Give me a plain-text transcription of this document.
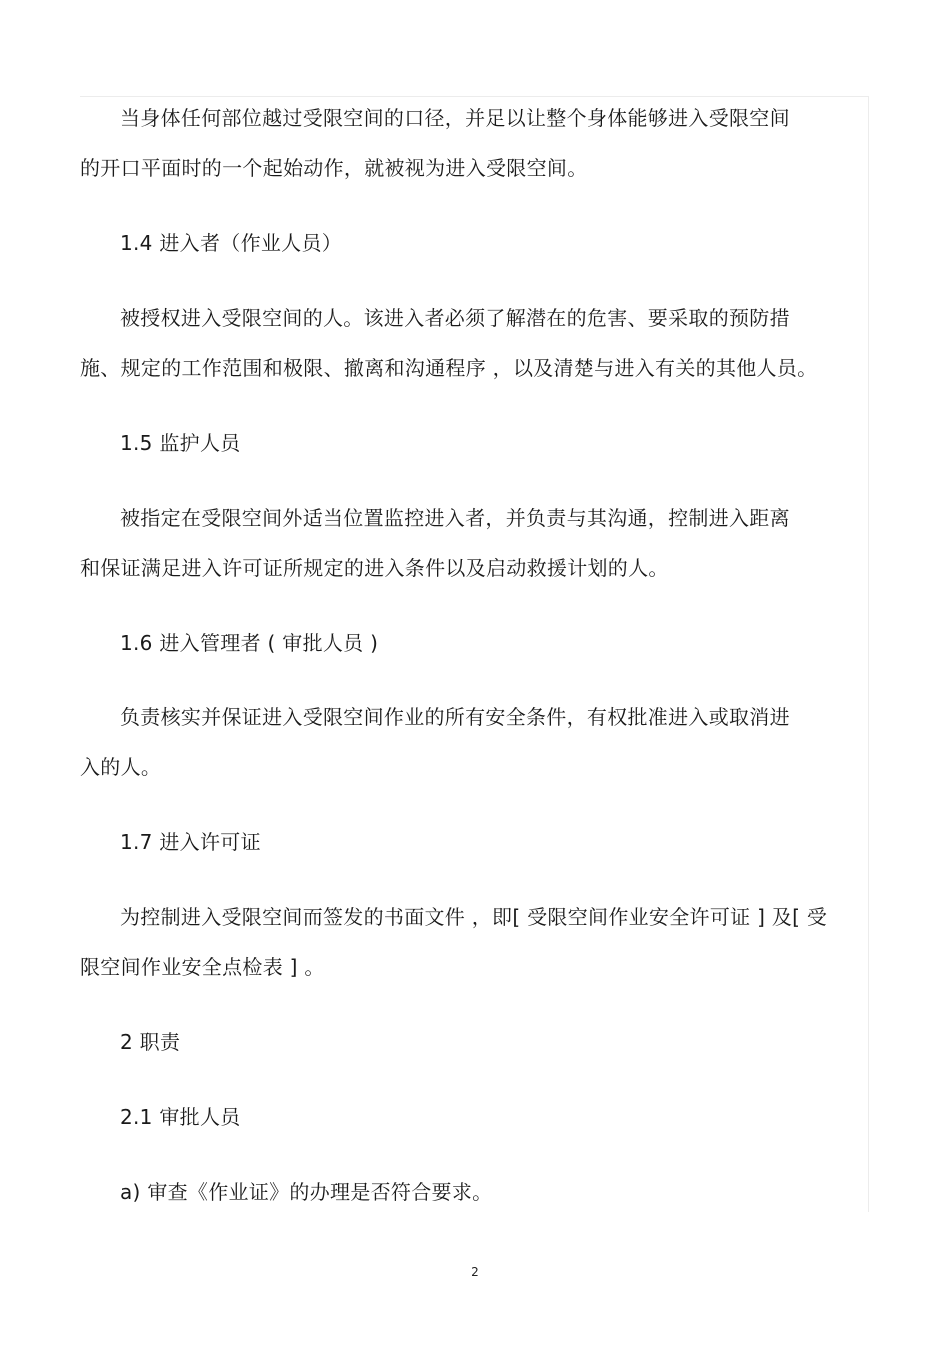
当身体任何部位越过受限空间的口径，并足以让整个身体能够进入受限空间
的开口平面时的一个起始动作，就被视为进入受限空间。
1.4 进入者（作业人员）
被授权进入受限空间的人。该进入者必须了解潜在的危害、要采取的预防措
施、规定的工作范围和极限、撤离和沟通程序 ，以及清楚与进入有关的其他人员。
1.5 监护人员
被指定在受限空间外适当位置监控进入者，并负责与其沟通，控制进入距离
和保证满足进入许可证所规定的进入条件以及启动救援计划的人。
1.6 进入管理者 ( 审批人员 )
负责核实并保证进入受限空间作业的所有安全条件，有权批准进入或取消进
入的人。
1.7 进入许可证
为控制进入受限空间而签发的书面文件 ，即[ 受限空间作业安全许可证 ] 及[ 受
限空间作业安全点检表 ] 。
2 职责
2.1 审批人员
a) 审查《作业证》的办理是否符合要求。
2
